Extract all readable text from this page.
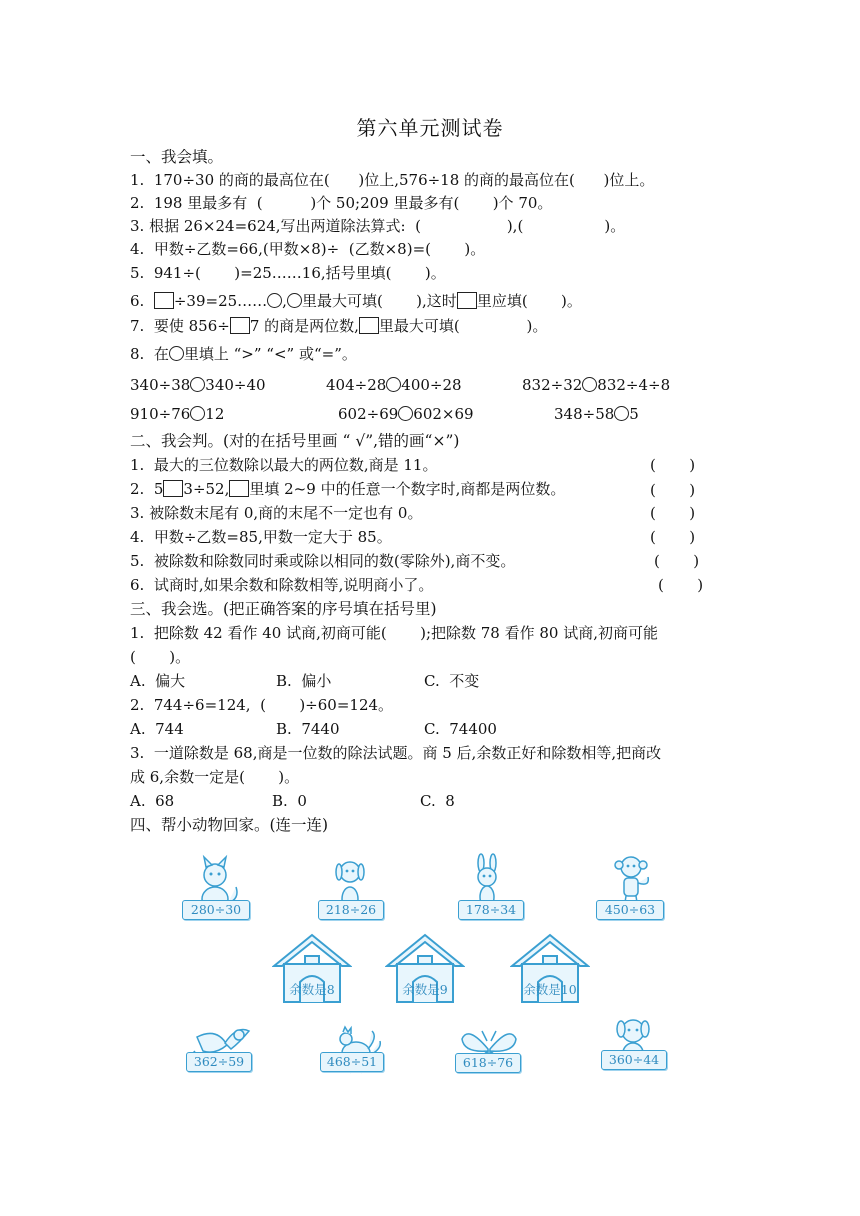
第六单元测试卷
一、我会填。
1.  170÷30 的商的最高位在(      )位上,576÷18 的商的最高位在(      )位上。
2.  198 里最多有  (          )个 50;209 里最多有(       )个 70。
3. 根据 26×24=624,写出两道除法算式:  (                  ),(                 )。
4.  甲数÷乙数=66,(甲数×8)÷  (乙数×8)=(       )。
5.  941÷(       )=25……16,括号里填(       )。
6. ÷39=25…… , 里最大可填(       ),这时 里应填(       )。
7.  要使 856÷ 7 的商是两位数, 里最大可填(              )。
8.  在 里填上 “>” “<” 或“=”。
340÷38 340÷40	404÷28 400÷28	832÷32 832÷4÷8
910÷76 12	602÷69 602×69	348÷58 5
二、我会判。(对的在括号里画 “ √”,错的画“×”)
1.  最大的三位数除以最大的两位数,商是 11。	(       )
2.  5 3÷52, 里填 2~9 中的任意一个数字时,商都是两位数。	(       )
3. 被除数末尾有 0,商的末尾不一定也有 0。	(       )
4.  甲数÷乙数=85,甲数一定大于 85。	(       )
5.  被除数和除数同时乘或除以相同的数(零除外),商不变。	(       )
6.  试商时,如果余数和除数相等,说明商小了。	(       )
三、我会选。(把正确答案的序号填在括号里)
1.  把除数 42 看作 40 试商,初商可能(       );把除数 78 看作 80 试商,初商可能
(       )。
A.  偏大	B.  偏小	C.  不变
2.  744÷6=124,  (       )÷60=124。
A.  744	B.  7440	C.  74400
3.  一道除数是 68,商是一位数的除法试题。商 5 后,余数正好和除数相等,把商改
成 6,余数一定是(       )。
A.  68	B.  0	C.  8
四、帮小动物回家。(连一连)
280÷30	218÷26	178÷34	450÷63
余数是8	余数是9	余数是10
362÷59	468÷51	618÷76	360÷44
